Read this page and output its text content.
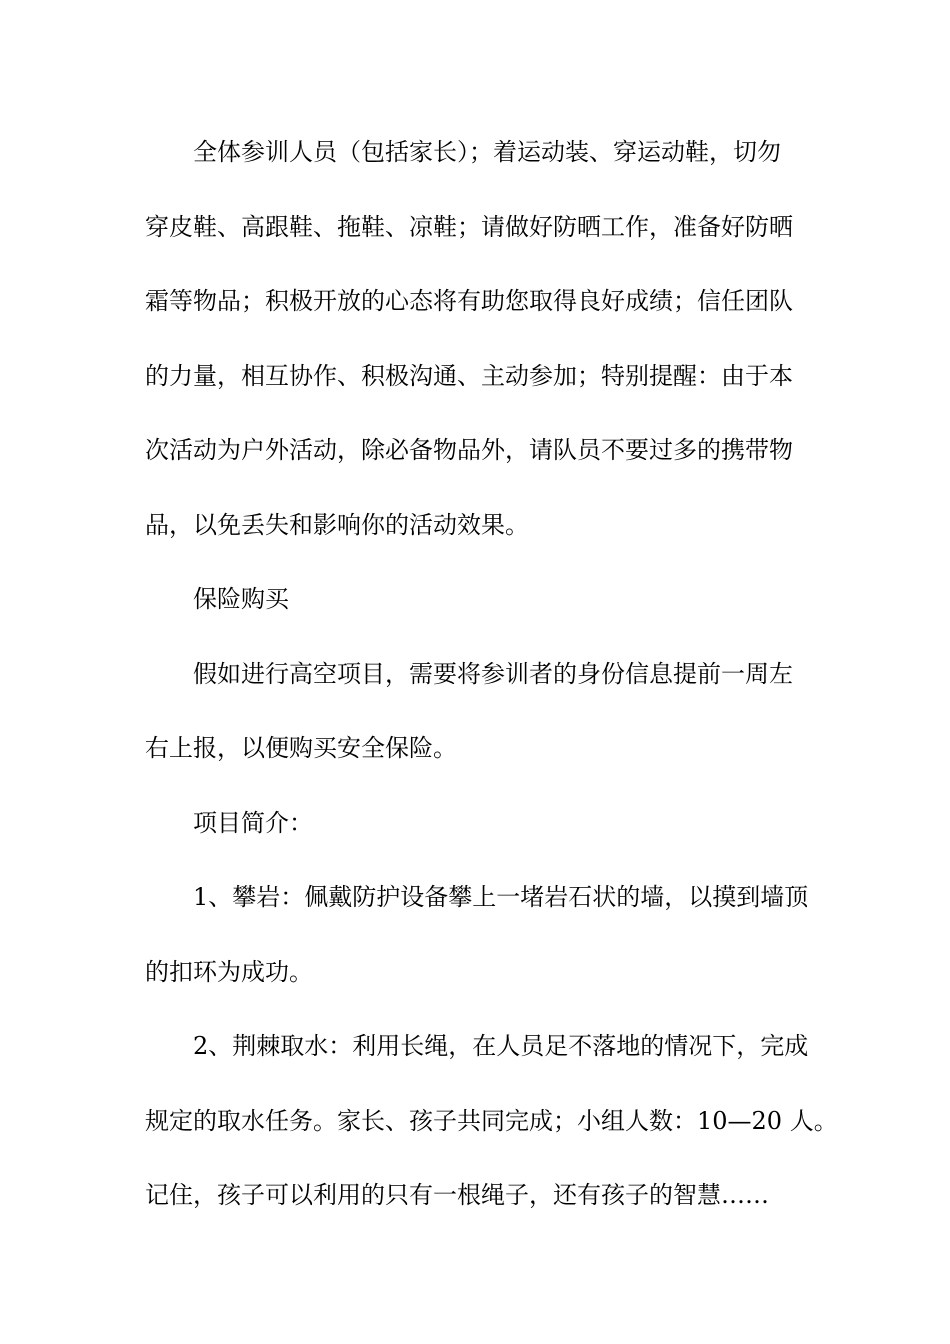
全体参训人员（包括家长）；着运动装、穿运动鞋，切勿
穿皮鞋、高跟鞋、拖鞋、凉鞋；请做好防晒工作，准备好防晒
霜等物品；积极开放的心态将有助您取得良好成绩；信任团队
的力量，相互协作、积极沟通、主动参加；特别提醒：由于本
次活动为户外活动，除必备物品外，请队员不要过多的携带物
品，以免丢失和影响你的活动效果。
保险购买
假如进行高空项目，需要将参训者的身份信息提前一周左
右上报，以便购买安全保险。
项目简介：
1、攀岩：佩戴防护设备攀上一堵岩石状的墙，以摸到墙顶
的扣环为成功。
2、荆棘取水：利用长绳，在人员足不落地的情况下，完成
规定的取水任务。家长、孩子共同完成；小组人数：10—20 人。
记住，孩子可以利用的只有一根绳子，还有孩子的智慧……
